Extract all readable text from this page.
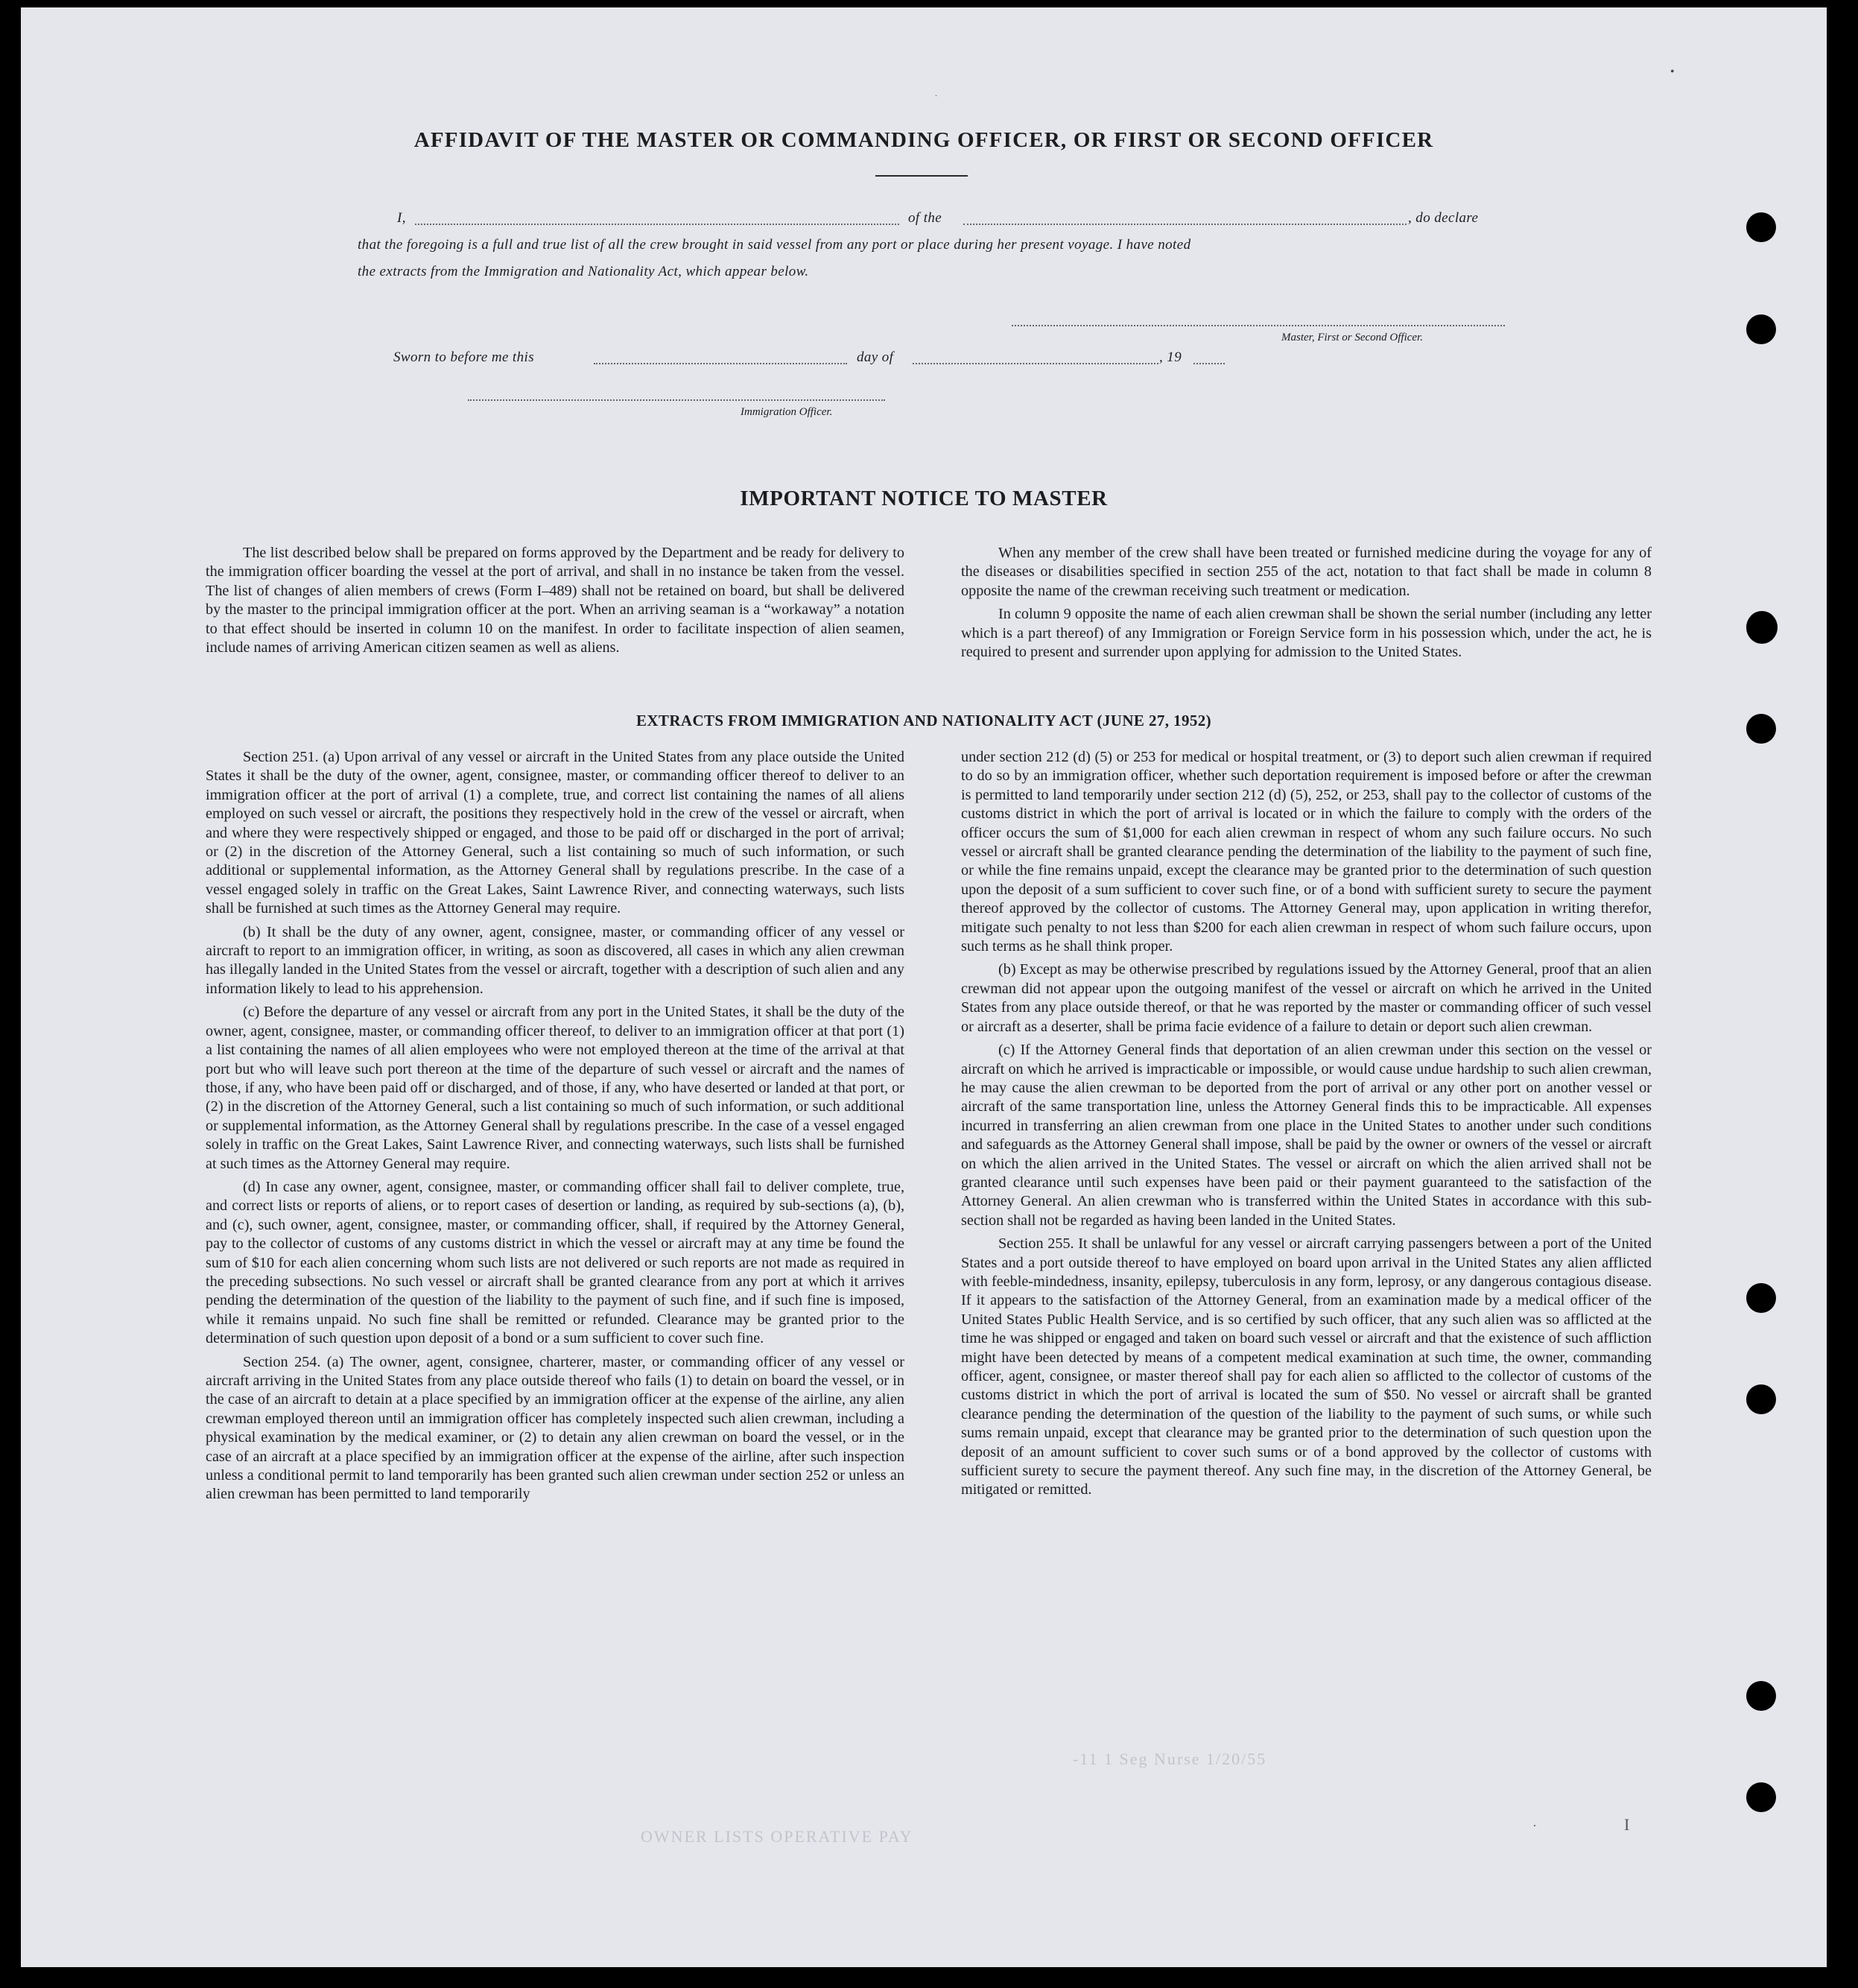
.
•
.
AFFIDAVIT OF THE MASTER OR COMMANDING OFFICER, OR FIRST OR SECOND OFFICER
I,	of the	, do declare
that the foregoing is a full and true list of all the crew brought in said vessel from any port or place during her present voyage. I have noted
the extracts from the Immigration and Nationality Act, which appear below.
Master, First or Second Officer.
Sworn to before me this	day of	, 19
Immigration Officer.
IMPORTANT NOTICE TO MASTER

The list described below shall be prepared on forms approved by the Department and be ready for delivery to the immigration officer boarding the vessel at the port of arrival, and shall in no instance be taken from the vessel. The list of changes of alien members of crews (Form I–489) shall not be retained on board, but shall be delivered by the master to the principal immigration officer at the port. When an arriving seaman is a “workaway” a notation to that effect should be inserted in column 10 on the manifest. In order to facilitate inspection of alien seamen, include names of arriving American citizen seamen as well as aliens.

When any member of the crew shall have been treated or furnished medicine during the voyage for any of the diseases or disabilities specified in section 255 of the act, notation to that fact shall be made in column 8 opposite the name of the crewman receiving such treatment or medication.

In column 9 opposite the name of each alien crewman shall be shown the serial number (including any letter which is a part thereof) of any Immigration or Foreign Service form in his possession which, under the act, he is required to present and surrender upon applying for admission to the United States.

EXTRACTS FROM IMMIGRATION AND NATIONALITY ACT (JUNE 27, 1952)

Section 251. (a) Upon arrival of any vessel or aircraft in the United States from any place outside the United States it shall be the duty of the owner, agent, consignee, master, or commanding officer thereof to deliver to an immigration officer at the port of arrival (1) a complete, true, and correct list containing the names of all aliens employed on such vessel or aircraft, the positions they respectively hold in the crew of the vessel or aircraft, when and where they were respectively shipped or engaged, and those to be paid off or discharged in the port of arrival; or (2) in the discretion of the Attorney General, such a list containing so much of such information, or such additional or supplemental information, as the Attorney General shall by regulations prescribe. In the case of a vessel engaged solely in traffic on the Great Lakes, Saint Lawrence River, and connecting waterways, such lists shall be furnished at such times as the Attorney General may require.

(b) It shall be the duty of any owner, agent, consignee, master, or commanding officer of any vessel or aircraft to report to an immigration officer, in writing, as soon as discovered, all cases in which any alien crewman has illegally landed in the United States from the vessel or aircraft, together with a description of such alien and any information likely to lead to his apprehension.

(c) Before the departure of any vessel or aircraft from any port in the United States, it shall be the duty of the owner, agent, consignee, master, or commanding officer thereof, to deliver to an immigration officer at that port (1) a list containing the names of all alien employees who were not employed thereon at the time of the arrival at that port but who will leave such port thereon at the time of the departure of such vessel or aircraft and the names of those, if any, who have been paid off or discharged, and of those, if any, who have deserted or landed at that port, or (2) in the discretion of the Attorney General, such a list containing so much of such information, or such additional or supplemental information, as the Attorney General shall by regulations prescribe. In the case of a vessel engaged solely in traffic on the Great Lakes, Saint Lawrence River, and connecting waterways, such lists shall be furnished at such times as the Attorney General may require.

(d) In case any owner, agent, consignee, master, or commanding officer shall fail to deliver complete, true, and correct lists or reports of aliens, or to report cases of desertion or landing, as required by sub-sections (a), (b), and (c), such owner, agent, consignee, master, or commanding officer, shall, if required by the Attorney General, pay to the collector of customs of any customs district in which the vessel or aircraft may at any time be found the sum of $10 for each alien concerning whom such lists are not delivered or such reports are not made as required in the preceding subsections. No such vessel or aircraft shall be granted clearance from any port at which it arrives pending the determination of the question of the liability to the payment of such fine, and if such fine is imposed, while it remains unpaid. No such fine shall be remitted or refunded. Clearance may be granted prior to the determination of such question upon deposit of a bond or a sum sufficient to cover such fine.

Section 254. (a) The owner, agent, consignee, charterer, master, or commanding officer of any vessel or aircraft arriving in the United States from any place outside thereof who fails (1) to detain on board the vessel, or in the case of an aircraft to detain at a place specified by an immigration officer at the expense of the airline, any alien crewman employed thereon until an immigration officer has completely inspected such alien crewman, including a physical examination by the medical examiner, or (2) to detain any alien crewman on board the vessel, or in the case of an aircraft at a place specified by an immigration officer at the expense of the airline, after such inspection unless a conditional permit to land temporarily has been granted such alien crewman under section 252 or unless an alien crewman has been permitted to land temporarily

under section 212 (d) (5) or 253 for medical or hospital treatment, or (3) to deport such alien crewman if required to do so by an immigration officer, whether such deportation requirement is imposed before or after the crewman is permitted to land temporarily under section 212 (d) (5), 252, or 253, shall pay to the collector of customs of the customs district in which the port of arrival is located or in which the failure to comply with the orders of the officer occurs the sum of $1,000 for each alien crewman in respect of whom any such failure occurs. No such vessel or aircraft shall be granted clearance pending the determination of the liability to the payment of such fine, or while the fine remains unpaid, except the clearance may be granted prior to the determination of such question upon the deposit of a sum sufficient to cover such fine, or of a bond with sufficient surety to secure the payment thereof approved by the collector of customs. The Attorney General may, upon application in writing therefor, mitigate such penalty to not less than $200 for each alien crewman in respect of whom such failure occurs, upon such terms as he shall think proper.

(b) Except as may be otherwise prescribed by regulations issued by the Attorney General, proof that an alien crewman did not appear upon the outgoing manifest of the vessel or aircraft on which he arrived in the United States from any place outside thereof, or that he was reported by the master or commanding officer of such vessel or aircraft as a deserter, shall be prima facie evidence of a failure to detain or deport such alien crewman.

(c) If the Attorney General finds that deportation of an alien crewman under this section on the vessel or aircraft on which he arrived is impracticable or impossible, or would cause undue hardship to such alien crewman, he may cause the alien crewman to be deported from the port of arrival or any other port on another vessel or aircraft of the same transportation line, unless the Attorney General finds this to be impracticable. All expenses incurred in transferring an alien crewman from one place in the United States to another under such conditions and safeguards as the Attorney General shall impose, shall be paid by the owner or owners of the vessel or aircraft on which the alien arrived in the United States. The vessel or aircraft on which the alien arrived shall not be granted clearance until such expenses have been paid or their payment guaranteed to the satisfaction of the Attorney General. An alien crewman who is transferred within the United States in accordance with this sub-section shall not be regarded as having been landed in the United States.

Section 255. It shall be unlawful for any vessel or aircraft carrying passengers between a port of the United States and a port outside thereof to have employed on board upon arrival in the United States any alien afflicted with feeble-mindedness, insanity, epilepsy, tuberculosis in any form, leprosy, or any dangerous contagious disease. If it appears to the satisfaction of the Attorney General, from an examination made by a medical officer of the United States Public Health Service, and is so certified by such officer, that any such alien was so afflicted at the time he was shipped or engaged and taken on board such vessel or aircraft and that the existence of such affliction might have been detected by means of a competent medical examination at such time, the owner, commanding officer, agent, consignee, or master thereof shall pay for each alien so afflicted to the collector of customs of the customs district in which the port of arrival is located the sum of $50. No vessel or aircraft shall be granted clearance pending the determination of the question of the liability to the payment of such sums, or while such sums remain unpaid, except that clearance may be granted prior to the determination of such question upon the deposit of an amount sufficient to cover such sums or of a bond approved by the collector of customs with sufficient surety to secure the payment thereof. Any such fine may, in the discretion of the Attorney General, be mitigated or remitted.

-11 1 Seg Nurse 1/20/55
OWNER LISTS OPERATIVE PAY
I
